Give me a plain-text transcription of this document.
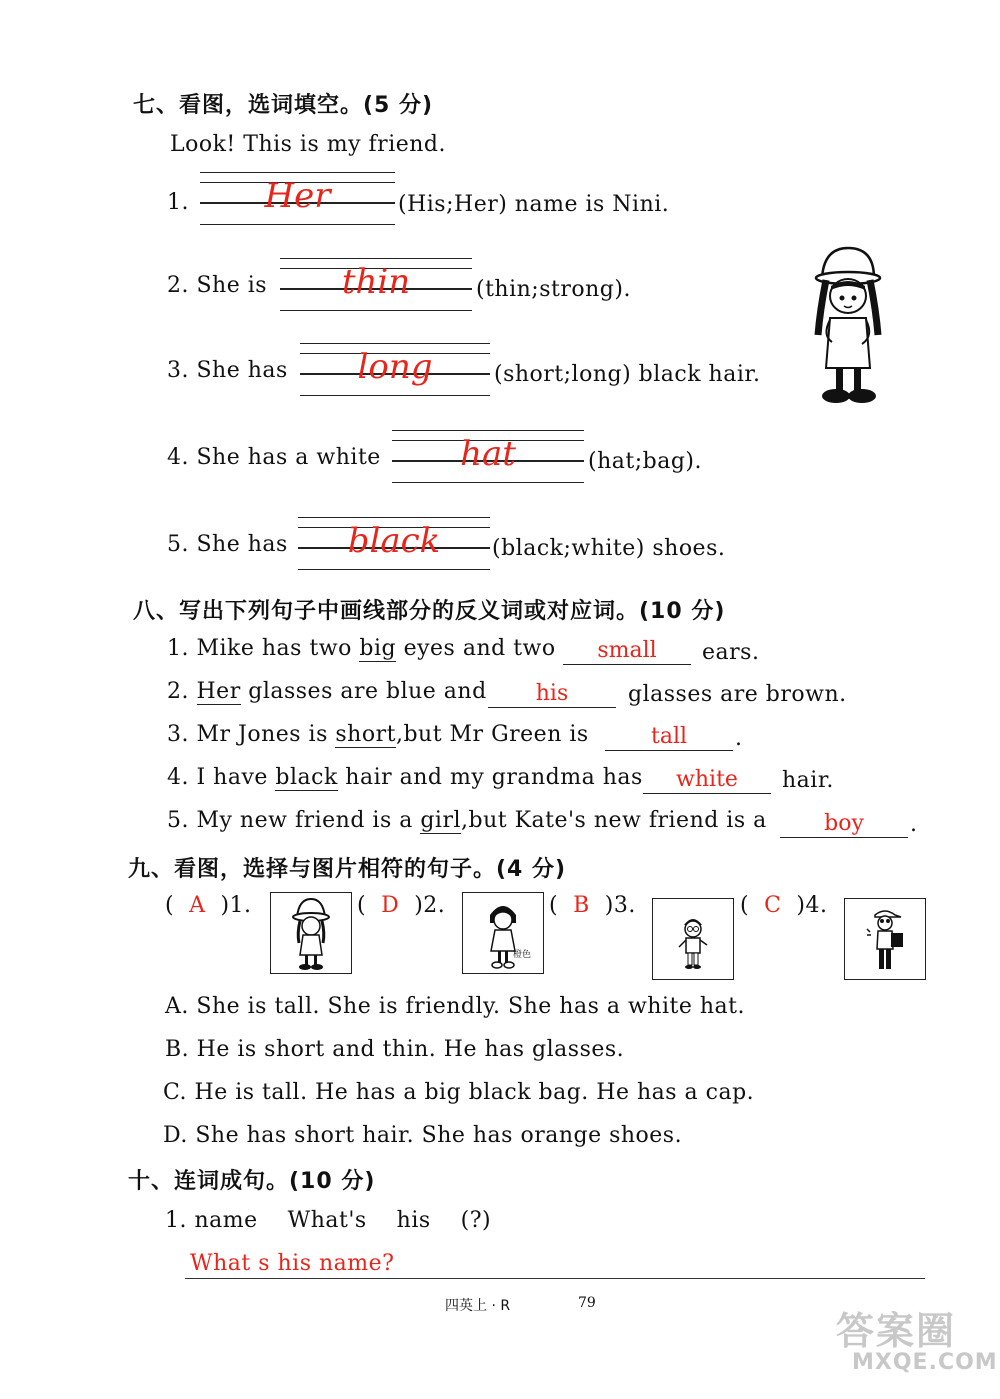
七、看图，选词填空。(5 分)
Look! This is my friend.
1.	Her	(His;Her) name is Nini.
2. She is	thin	(thin;strong).
3. She has	long	(short;long) black hair.
4. She has a white	hat	(hat;bag).
5. She has	black	(black;white) shoes.
八、写出下列句子中画线部分的反义词或对应词。(10 分)
1. Mike has two big eyes and two	small	ears.
2. Her glasses are blue and	his	glasses are brown.
3. Mr Jones is short,but Mr Green is	tall	.
4. I have black hair and my grandma has	white	hair.
5. My new friend is a girl,but Kate's new friend is a	boy	.
九、看图，选择与图片相符的句子。(4 分)
(  A )1.	(  D )2.
橙色
(  B )3.	(  C )4.
A. She is tall. She is friendly. She has a white hat.
B. He is short and thin. He has glasses.
C. He is tall. He has a big black bag. He has a cap.
D. She has short hair. She has orange shoes.
十、连词成句。(10 分)
1. name    What's    his    (?)
What s his name?
四英上 · R	79
答案圈
MXQE.COM
